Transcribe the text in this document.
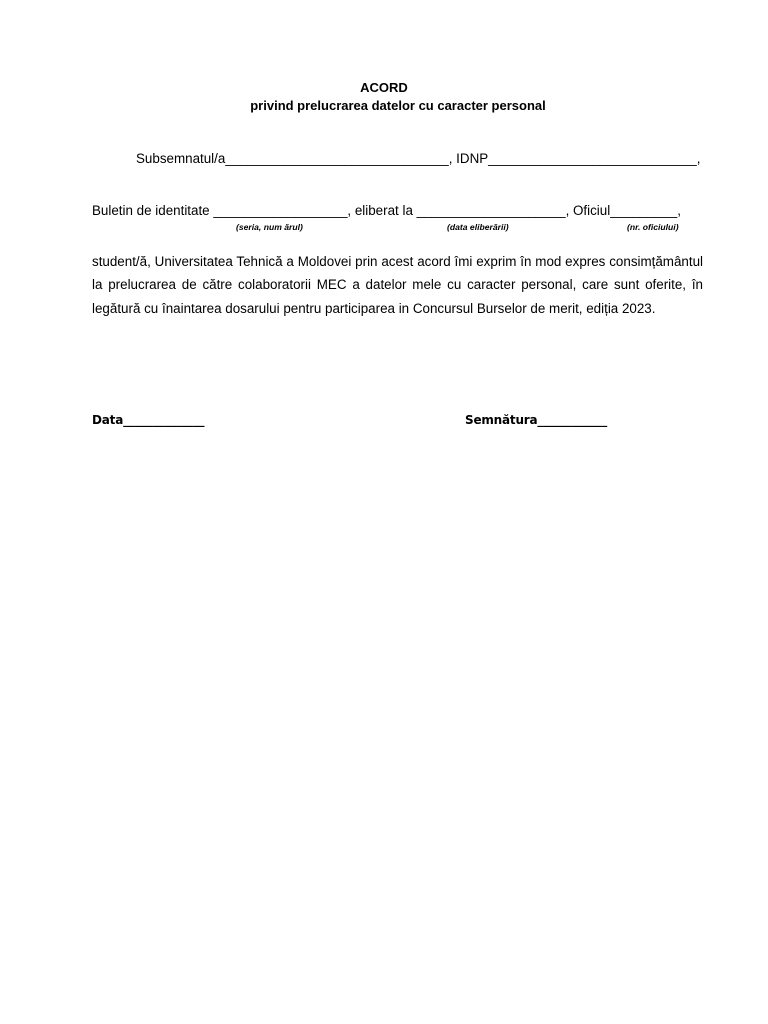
ACORD
privind prelucrarea datelor cu caracter personal
Subsemnatul/a______________________________, IDNP____________________________,
Buletin de identitate __________________, eliberat la ____________________, Oficiul_________,
(seria, num ărul)	(data eliberării)	(nr. oficiului)
student/ă, Universitatea Tehnică a Moldovei prin acest acord îmi exprim în mod expres consimțământul la prelucrarea de către colaboratorii MEC a datelor mele cu caracter personal, care sunt oferite, în legătură cu înaintarea dosarului pentru participarea in Concursul Burselor de merit, ediția 2023.
Data______________	Semnătura____________
